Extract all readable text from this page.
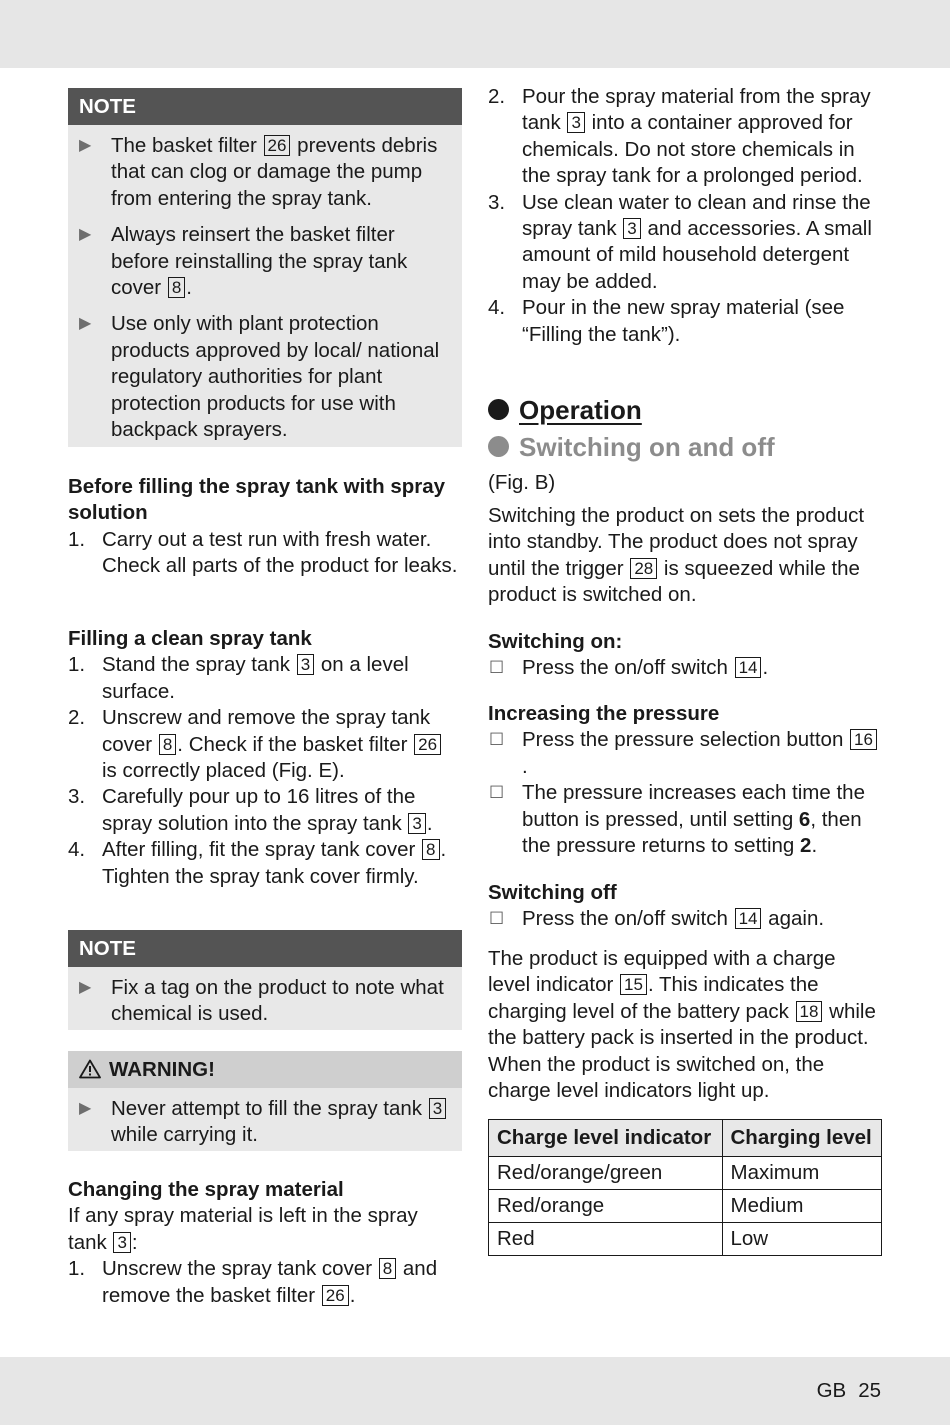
NOTE
▶ The basket filter 26 prevents debris that can clog or damage the pump from entering the spray tank.
▶ Always reinsert the basket filter before reinstalling the spray tank cover 8 .
▶ Use only with plant protection products approved by local/ national regulatory authorities for plant protection products for use with backpack sprayers.
Before filling the spray tank with spray solution
1. Carry out a test run with fresh water. Check all parts of the product for leaks.
Filling a clean spray tank
1. Stand the spray tank 3 on a level surface.
2. Unscrew and remove the spray tank cover 8 . Check if the basket filter 26 is correctly placed (Fig. E).
3. Carefully pour up to 16 litres of the spray solution into the spray tank 3 .
4. After filling, fit the spray tank cover 8 . Tighten the spray tank cover firmly.
NOTE
▶ Fix a tag on the product to note what chemical is used.
WARNING!
▶ Never attempt to fill the spray tank 3 while carrying it.
Changing the spray material
If any spray material is left in the spray tank 3 :
1. Unscrew the spray tank cover 8 and remove the basket filter 26 .
2. Pour the spray material from the spray tank 3 into a container approved for chemicals. Do not store chemicals in the spray tank for a prolonged period.
3. Use clean water to clean and rinse the spray tank 3 and accessories. A small amount of mild household detergent may be added.
4. Pour in the new spray material (see “Filling the tank”).
Operation
Switching on and off
(Fig. B)
Switching the product on sets the product into standby. The product does not spray until the trigger 28 is squeezed while the product is switched on.
Switching on:
☐ Press the on/off switch 14 .
Increasing the pressure
☐ Press the pressure selection button 16.
☐ The pressure increases each time the button is pressed, until setting 6, then the pressure returns to setting 2.
Switching off
☐ Press the on/off switch 14 again.
The product is equipped with a charge level indicator 15 . This indicates the charging level of the battery pack 18 while the battery pack is inserted in the product. When the product is switched on, the charge level indicators light up.
Charge level indicator	Charging level
Red/orange/green	Maximum
Red/orange	Medium
Red	Low
GB 25
